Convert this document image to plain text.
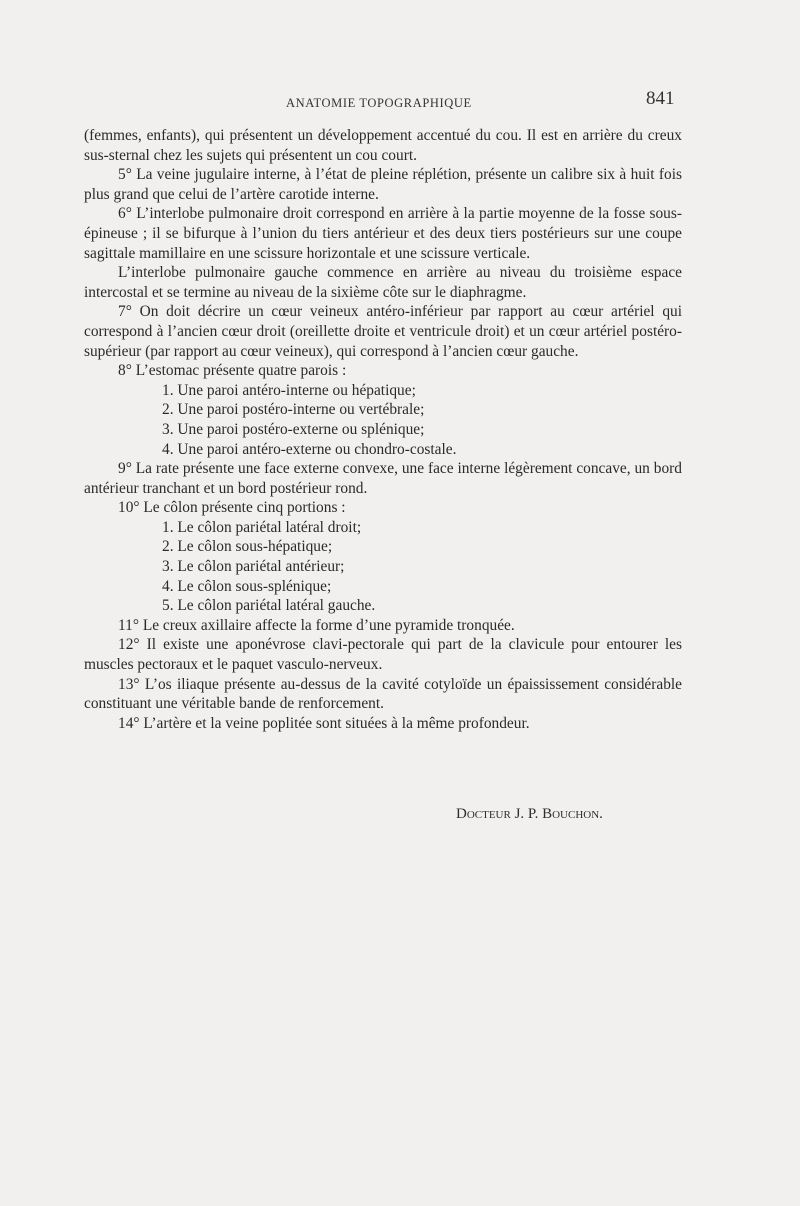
ANATOMIE TOPOGRAPHIQUE	841

(femmes, enfants), qui présentent un développement accentué du cou. Il est en arrière du creux sus-sternal chez les sujets qui présentent un cou court.

5° La veine jugulaire interne, à l’état de pleine réplétion, présente un calibre six à huit fois plus grand que celui de l’artère carotide interne.

6° L’interlobe pulmonaire droit correspond en arrière à la partie moyenne de la fosse sous-épineuse ; il se bifurque à l’union du tiers antérieur et des deux tiers postérieurs sur une coupe sagittale mamillaire en une scissure horizontale et une scissure verticale.

L’interlobe pulmonaire gauche commence en arrière au niveau du troisième espace intercostal et se termine au niveau de la sixième côte sur le diaphragme.

7° On doit décrire un cœur veineux antéro-inférieur par rapport au cœur artériel qui correspond à l’ancien cœur droit (oreillette droite et ventricule droit) et un cœur artériel postéro-supérieur (par rapport au cœur veineux), qui correspond à l’ancien cœur gauche.

8° L’estomac présente quatre parois :

1. Une paroi antéro-interne ou hépatique;
2. Une paroi postéro-interne ou vertébrale;
3. Une paroi postéro-externe ou splénique;
4. Une paroi antéro-externe ou chondro-costale.

9° La rate présente une face externe convexe, une face interne légèrement concave, un bord antérieur tranchant et un bord postérieur rond.

10° Le côlon présente cinq portions :

1. Le côlon pariétal latéral droit;
2. Le côlon sous-hépatique;
3. Le côlon pariétal antérieur;
4. Le côlon sous-splénique;
5. Le côlon pariétal latéral gauche.

11° Le creux axillaire affecte la forme d’une pyramide tronquée.

12° Il existe une aponévrose clavi-pectorale qui part de la clavicule pour entourer les muscles pectoraux et le paquet vasculo-nerveux.

13° L’os iliaque présente au-dessus de la cavité cotyloïde un épaississement considérable constituant une véritable bande de renforcement.

14° L’artère et la veine poplitée sont situées à la même profondeur.

Docteur J. P. Bouchon.
